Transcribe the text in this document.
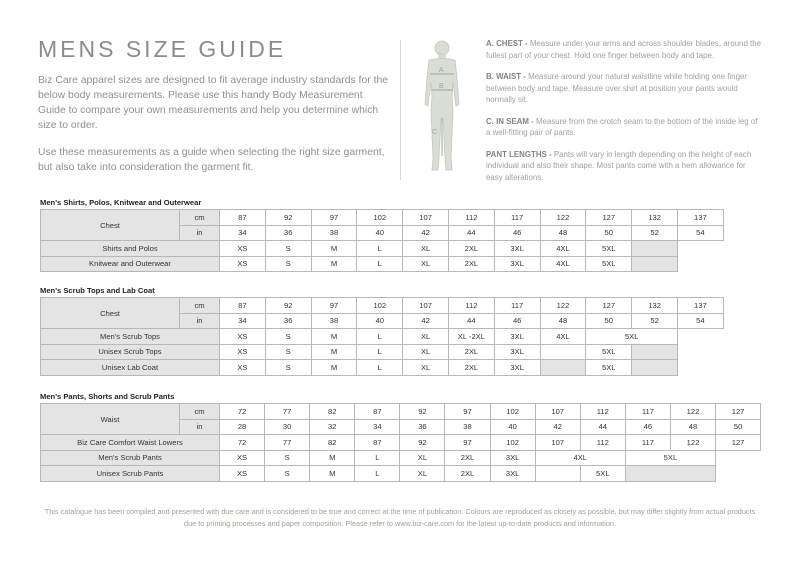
MENS SIZE GUIDE

Biz Care apparel sizes are designed to fit average industry standards for the below body measurements. Please use this handy Body Measurement Guide to compare your own measurements and help you determine which size to order.

Use these measurements as a guide when selecting the right size garment, but also take into consideration the garment fit.

A
B
C

A. CHEST - Measure under your arms and across shoulder blades, around the fullest part of your chest. Hold one finger between body and tape.

B. WAIST - Measure around your natural waistline while holding one finger between body and tape. Measure over shirt at position your pants would normally sit.

C. IN SEAM - Measure from the crotch seam to the bottom of the inside leg of a well-fitting pair of pants.

PANT LENGTHS - Pants will vary in length depending on the height of each individual and also their shape. Most pants come with a hem allowance for easy alterations.

Men's Shirts, Polos, Knitwear and Outerwear
Chest	cm	87	92	97	102	107	112	117	122	127	132	137
	in	34	36	38	40	42	44	46	48	50	52	54
Shirts and Polos		XS	S	M	L	XL	2XL	3XL	4XL	5XL		
Knitwear and Outerwear		XS	S	M	L	XL	2XL	3XL	4XL	5XL		
Men's Scrub Tops and Lab Coat
Chest	cm	87	92	97	102	107	112	117	122	127	132	137
	in	34	36	38	40	42	44	46	48	50	52	54
Men's Scrub Tops		XS	S	M	L	XL	XL -2XL	3XL	4XL	5XL		
Unisex Scrub Tops		XS	S	M	L	XL	2XL	3XL		5XL		
Unisex Lab Coat		XS	S	M	L	XL	2XL	3XL		5XL		
Men's Pants, Shorts and Scrub Pants
Waist	cm	72	77	82	87	92	97	102	107	112	117	122	127
	in	28	30	32	34	36	38	40	42	44	46	48	50
Biz Care Comfort Waist Lowers		72	77	82	87	92	97	102	107	112	117	122	127
Men's Scrub Pants		XS	S	M	L	XL	2XL	3XL	4XL		5XL		
Unisex Scrub Pants		XS	S	M	L	XL	2XL	3XL		5XL			
This catalogue has been compiled and presented with due care and is considered to be true and correct at the time of publication. Colours are reproduced as closely as possible, but may differ slightly from actual products due to printing processes and paper composition. Please refer to www.biz-care.com for the latest up-to-date products and information.
